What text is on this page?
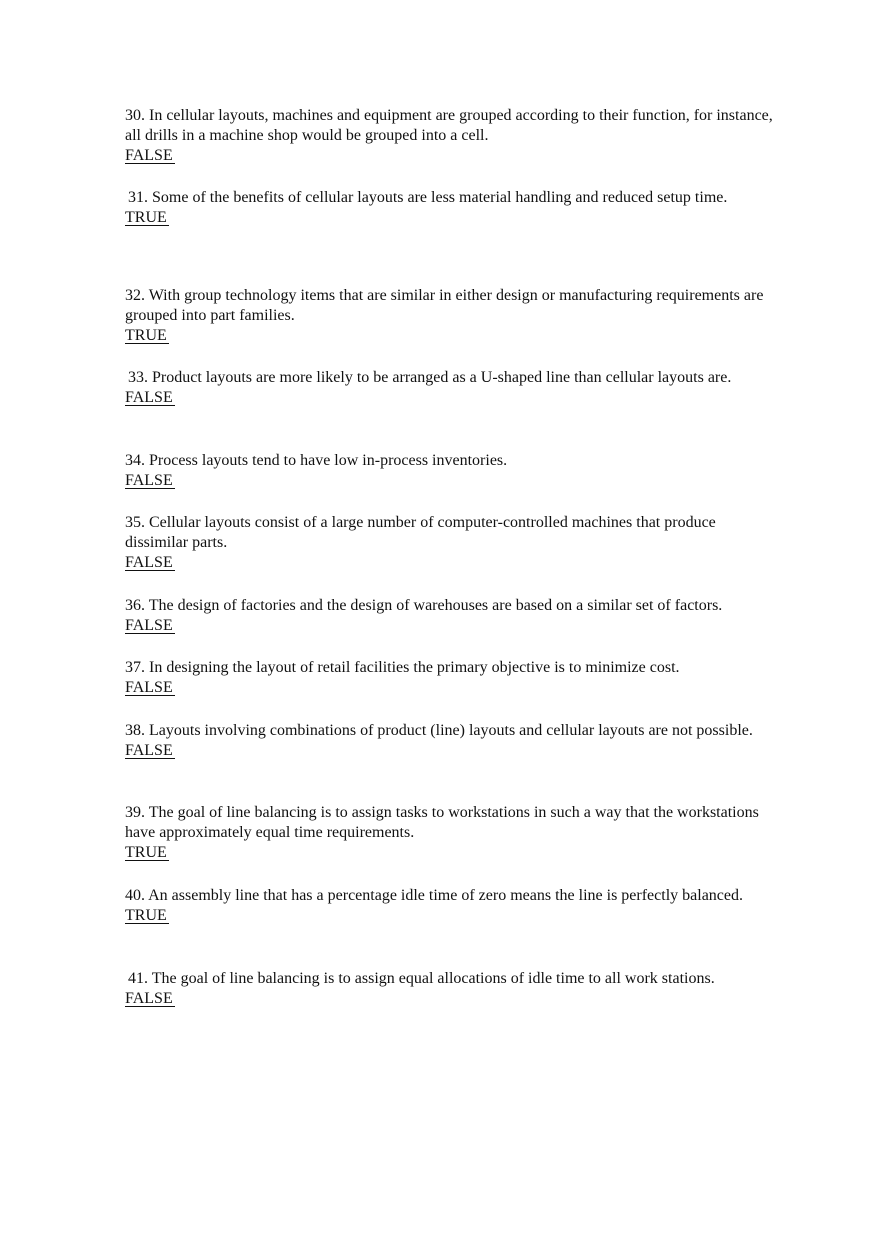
30. In cellular layouts, machines and equipment are grouped according to their function, for instance, all drills in a machine shop would be grouped into a cell.

FALSE

31. Some of the benefits of cellular layouts are less material handling and reduced setup time.

TRUE

32. With group technology items that are similar in either design or manufacturing requirements are grouped into part families.

TRUE

33. Product layouts are more likely to be arranged as a U-shaped line than cellular layouts are.

FALSE

34. Process layouts tend to have low in-process inventories.

FALSE

35. Cellular layouts consist of a large number of computer-controlled machines that produce dissimilar parts.

FALSE

36. The design of factories and the design of warehouses are based on a similar set of factors.

FALSE

37. In designing the layout of retail facilities the primary objective is to minimize cost.

FALSE

38. Layouts involving combinations of product (line) layouts and cellular layouts are not possible.

FALSE

39. The goal of line balancing is to assign tasks to workstations in such a way that the workstations have approximately equal time requirements.

TRUE

40. An assembly line that has a percentage idle time of zero means the line is perfectly balanced.

TRUE

41. The goal of line balancing is to assign equal allocations of idle time to all work stations.

FALSE
